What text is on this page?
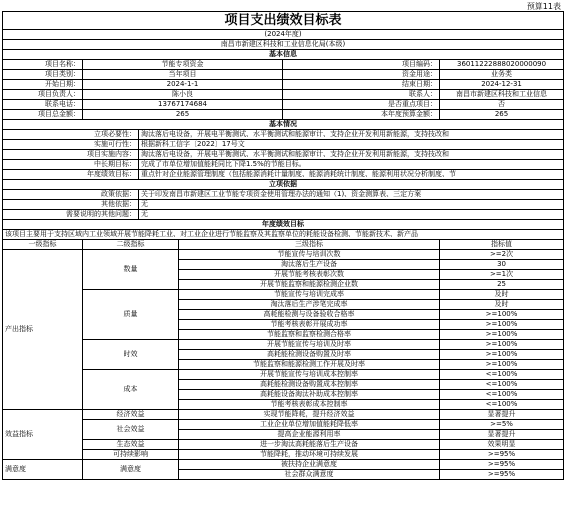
预算11表
项目支出绩效目标表					
(2024年度)					
南昌市新建区科技和工业信息化局(本级)					
基本信息					
项目名称：	节能专项资金			项目编码：	36011222888020000090
项目类别：	当年项目			资金用途：	业务类
开始日期：	2024-1-1			结束日期：	2024-12-31
项目负责人：	陈小良			联系人：	南昌市新建区科技和工业信息
联系电话：	13767174684			是否重点项目：	否
项目总金额：	265			本年度预算金额：	265
基本情况					
立项必要性：		淘汰落后电设备，开展电平衡测试、水平衡测试和能源审计、支持企业开发利用新能源，支持技改和			
实施可行性：		根据新科工信字〔2022〕17号文			
项目实施内容：		淘汰落后电设备，开展电平衡测试、水平衡测试和能源审计、支持企业开发利用新能源，支持技改和			
中长期目标：		完成了市单位增加值能耗同比下降1.5%的节能目标。			
年度绩效目标：		重点针对企业能源管理制度（包括能源消耗计量制度、能源消耗统计制度、能源利用状况分析制度、节			
立项依据					
政策依据：		关于印发南昌市新建区工业节能专项资金使用管理办法的通知（1)、资金测算表、三定方案			
其他依据：		无			
需要说明的其他问题：		无			
年度绩效目标					
该项目主要用于支持区域内工业领域开展节能降耗工业、对工业企业进行节能监察及其监察单位的耗能设备检测、节能新技术、新产品					
一级指标	二级指标		三级指标		指标值
产出指标	数量		节能宣传与培训次数		>=2次
			淘汰落后生产设备		30
			开展节能考核表彰次数		>=1次
			开展节能监察和能源检测企业数		25
	质量		节能宣传与培训完成率		及时
			淘汰落后生产涉笔完成率		及时
			高耗能检测与设备验收合格率		>=100%
			节能考核表彰开展成功率		>=100%
			节能监察和监察检测合格率		>=100%
	时效		开展节能宣传与培训及时率		>=100%
			高耗能检测设备购置及时率		>=100%
			节能监察和能源检测工作开展及时率		>=100%
	成本		开展节能宣传与培训成本控制率		<=100%
			高耗能检测设备购置成本控制率		<=100%
			高耗能设备淘汰补助成本控制率		<=100%
			节能考核表彰成本控制率		<=100%
效益指标	经济效益		实现节能降耗，提升经济效益		显著提升
	社会效益		工业企业单位增加值能耗降低率		>=5%
			提高企业能源利用率		显著提升
	生态效益		进一步淘汰高耗能落后生产设备		效果明显
	可持续影响		节能降耗，推动环境可持续发展		>=95%
满意度	满意度		被扶持企业满意度		>=95%
			社会群众满意度		>=95%
